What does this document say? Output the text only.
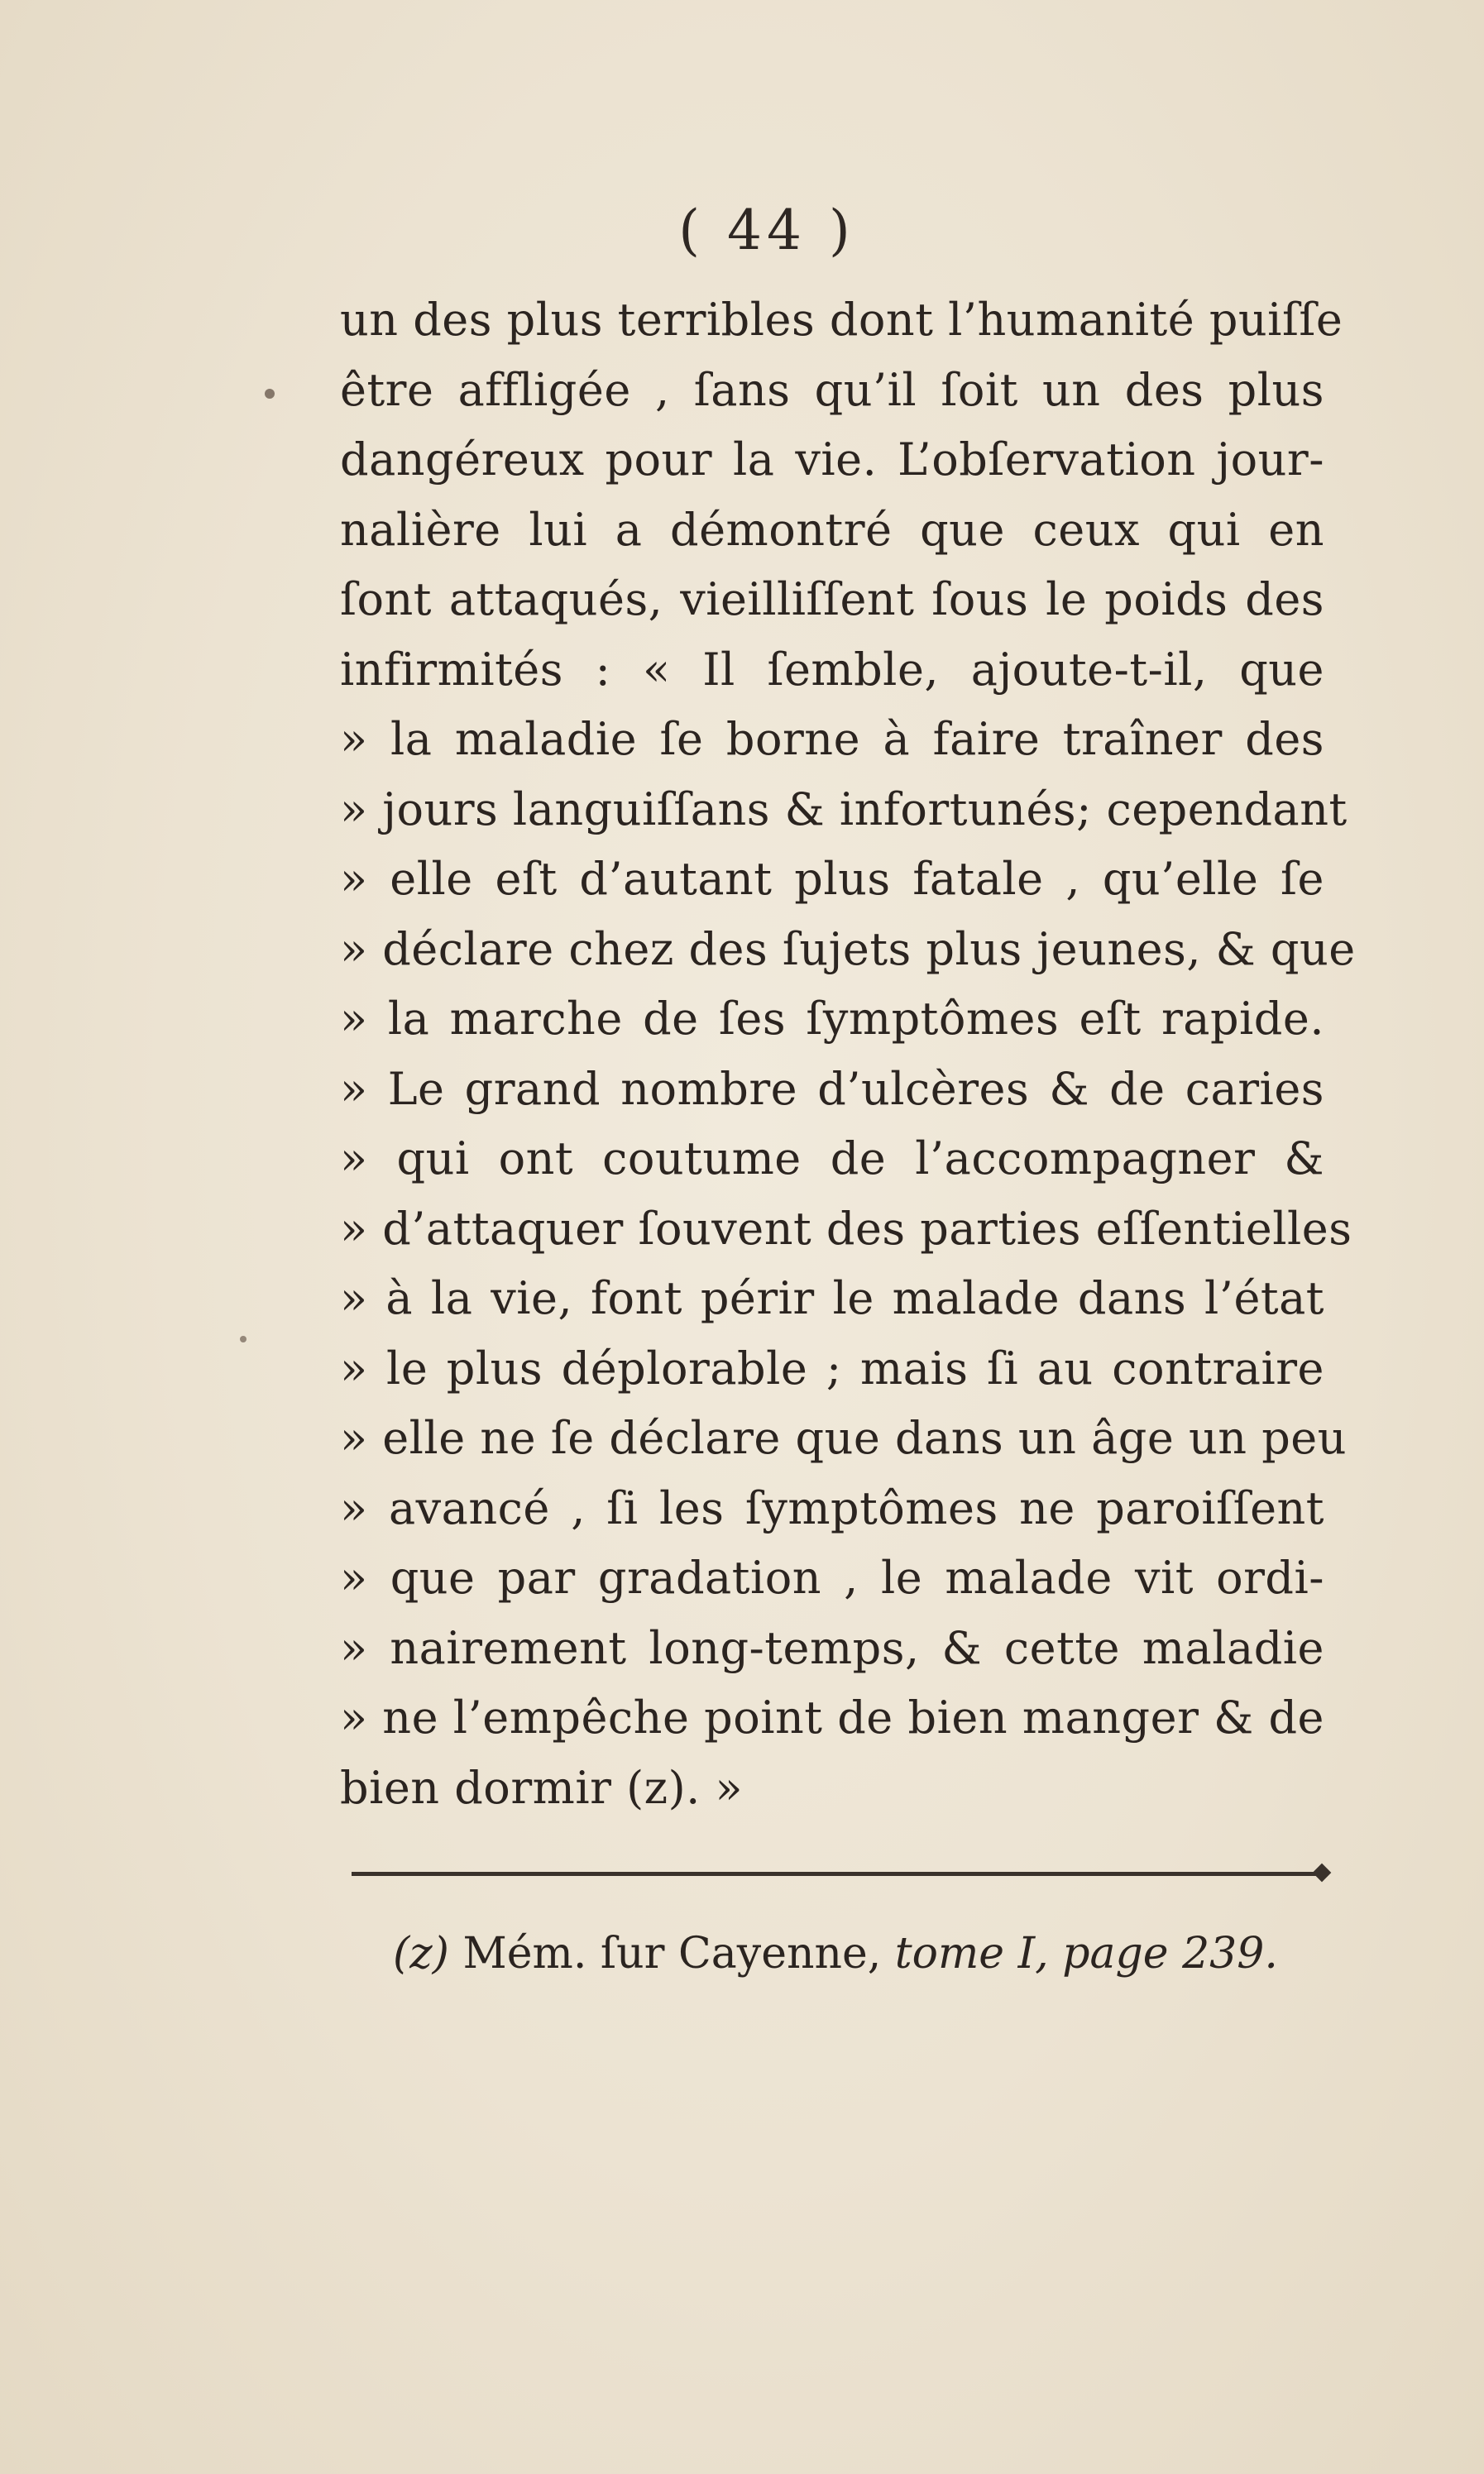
( 44 )
un des plus terribles dont l’humanité puiſſe
être affligée , ſans qu’il ſoit un des plus
dangéreux pour la vie. L’obſervation jour-
nalière lui a démontré que ceux qui en
ſont attaqués, vieilliſſent ſous le poids des
infirmités : « Il ſemble, ajoute-t-il, que
» la maladie ſe borne à faire traîner des
» jours languiſſans & infortunés; cependant
» elle eſt d’autant plus fatale , qu’elle ſe
» déclare chez des ſujets plus jeunes, & que
» la marche de ſes ſymptômes eſt rapide.
» Le grand nombre d’ulcères & de caries
» qui ont coutume de l’accompagner &
» d’attaquer ſouvent des parties eſſentielles
» à la vie, font périr le malade dans l’état
» le plus déplorable ; mais ſi au contraire
» elle ne ſe déclare que dans un âge un peu
» avancé , ſi les ſymptômes ne paroiſſent
» que par gradation , le malade vit ordi-
» nairement long-temps, & cette maladie
» ne l’empêche point de bien manger & de
bien dormir (z). »
(z) Mém. ſur Cayenne, tome I, page 239.
